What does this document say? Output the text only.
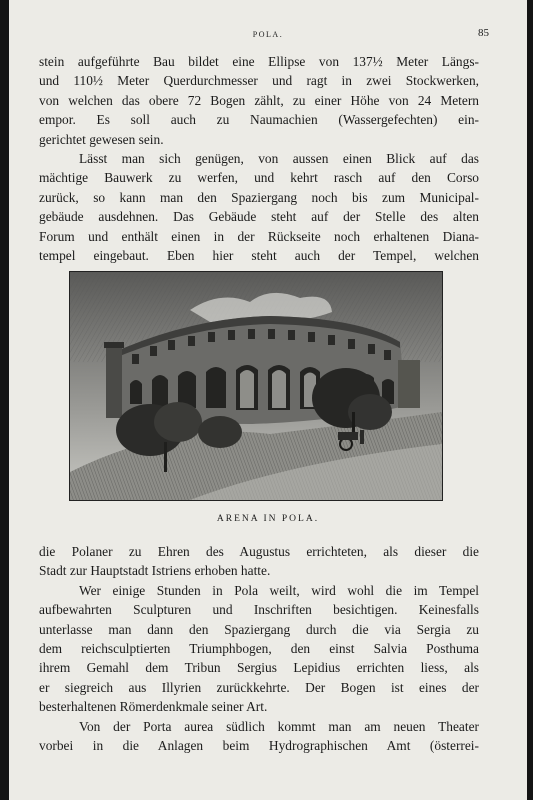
POLA.	85
stein aufgeführte Bau bildet eine Ellipse von 137½ Meter Längs-
und 110½ Meter Querdurchmesser und ragt in zwei Stockwerken,
von welchen das obere 72 Bogen zählt, zu einer Höhe von 24 Metern
empor. Es soll auch zu Naumachien (Wassergefechten) ein-
gerichtet gewesen sein.
Lässt man sich genügen, von aussen einen Blick auf das
mächtige Bauwerk zu werfen, und kehrt rasch auf den Corso
zurück, so kann man den Spaziergang noch bis zum Municipal-
gebäude ausdehnen. Das Gebäude steht auf der Stelle des alten
Forum und enthält einen in der Rückseite noch erhaltenen Diana-
tempel eingebaut. Eben hier steht auch der Tempel, welchen
ARENA IN POLA.
die Polaner zu Ehren des Augustus errichteten, als dieser die
Stadt zur Hauptstadt Istriens erhoben hatte.
Wer einige Stunden in Pola weilt, wird wohl die im Tempel
aufbewahrten Sculpturen und Inschriften besichtigen. Keinesfalls
unterlasse man dann den Spaziergang durch die via Sergia zu
dem reichsculptierten Triumphbogen, den einst Salvia Posthuma
ihrem Gemahl dem Tribun Sergius Lepidius errichten liess, als
er siegreich aus Illyrien zurückkehrte. Der Bogen ist eines der
besterhaltenen Römerdenkmale seiner Art.
Von der Porta aurea südlich kommt man am neuen Theater
vorbei in die Anlagen beim Hydrographischen Amt (österrei-
